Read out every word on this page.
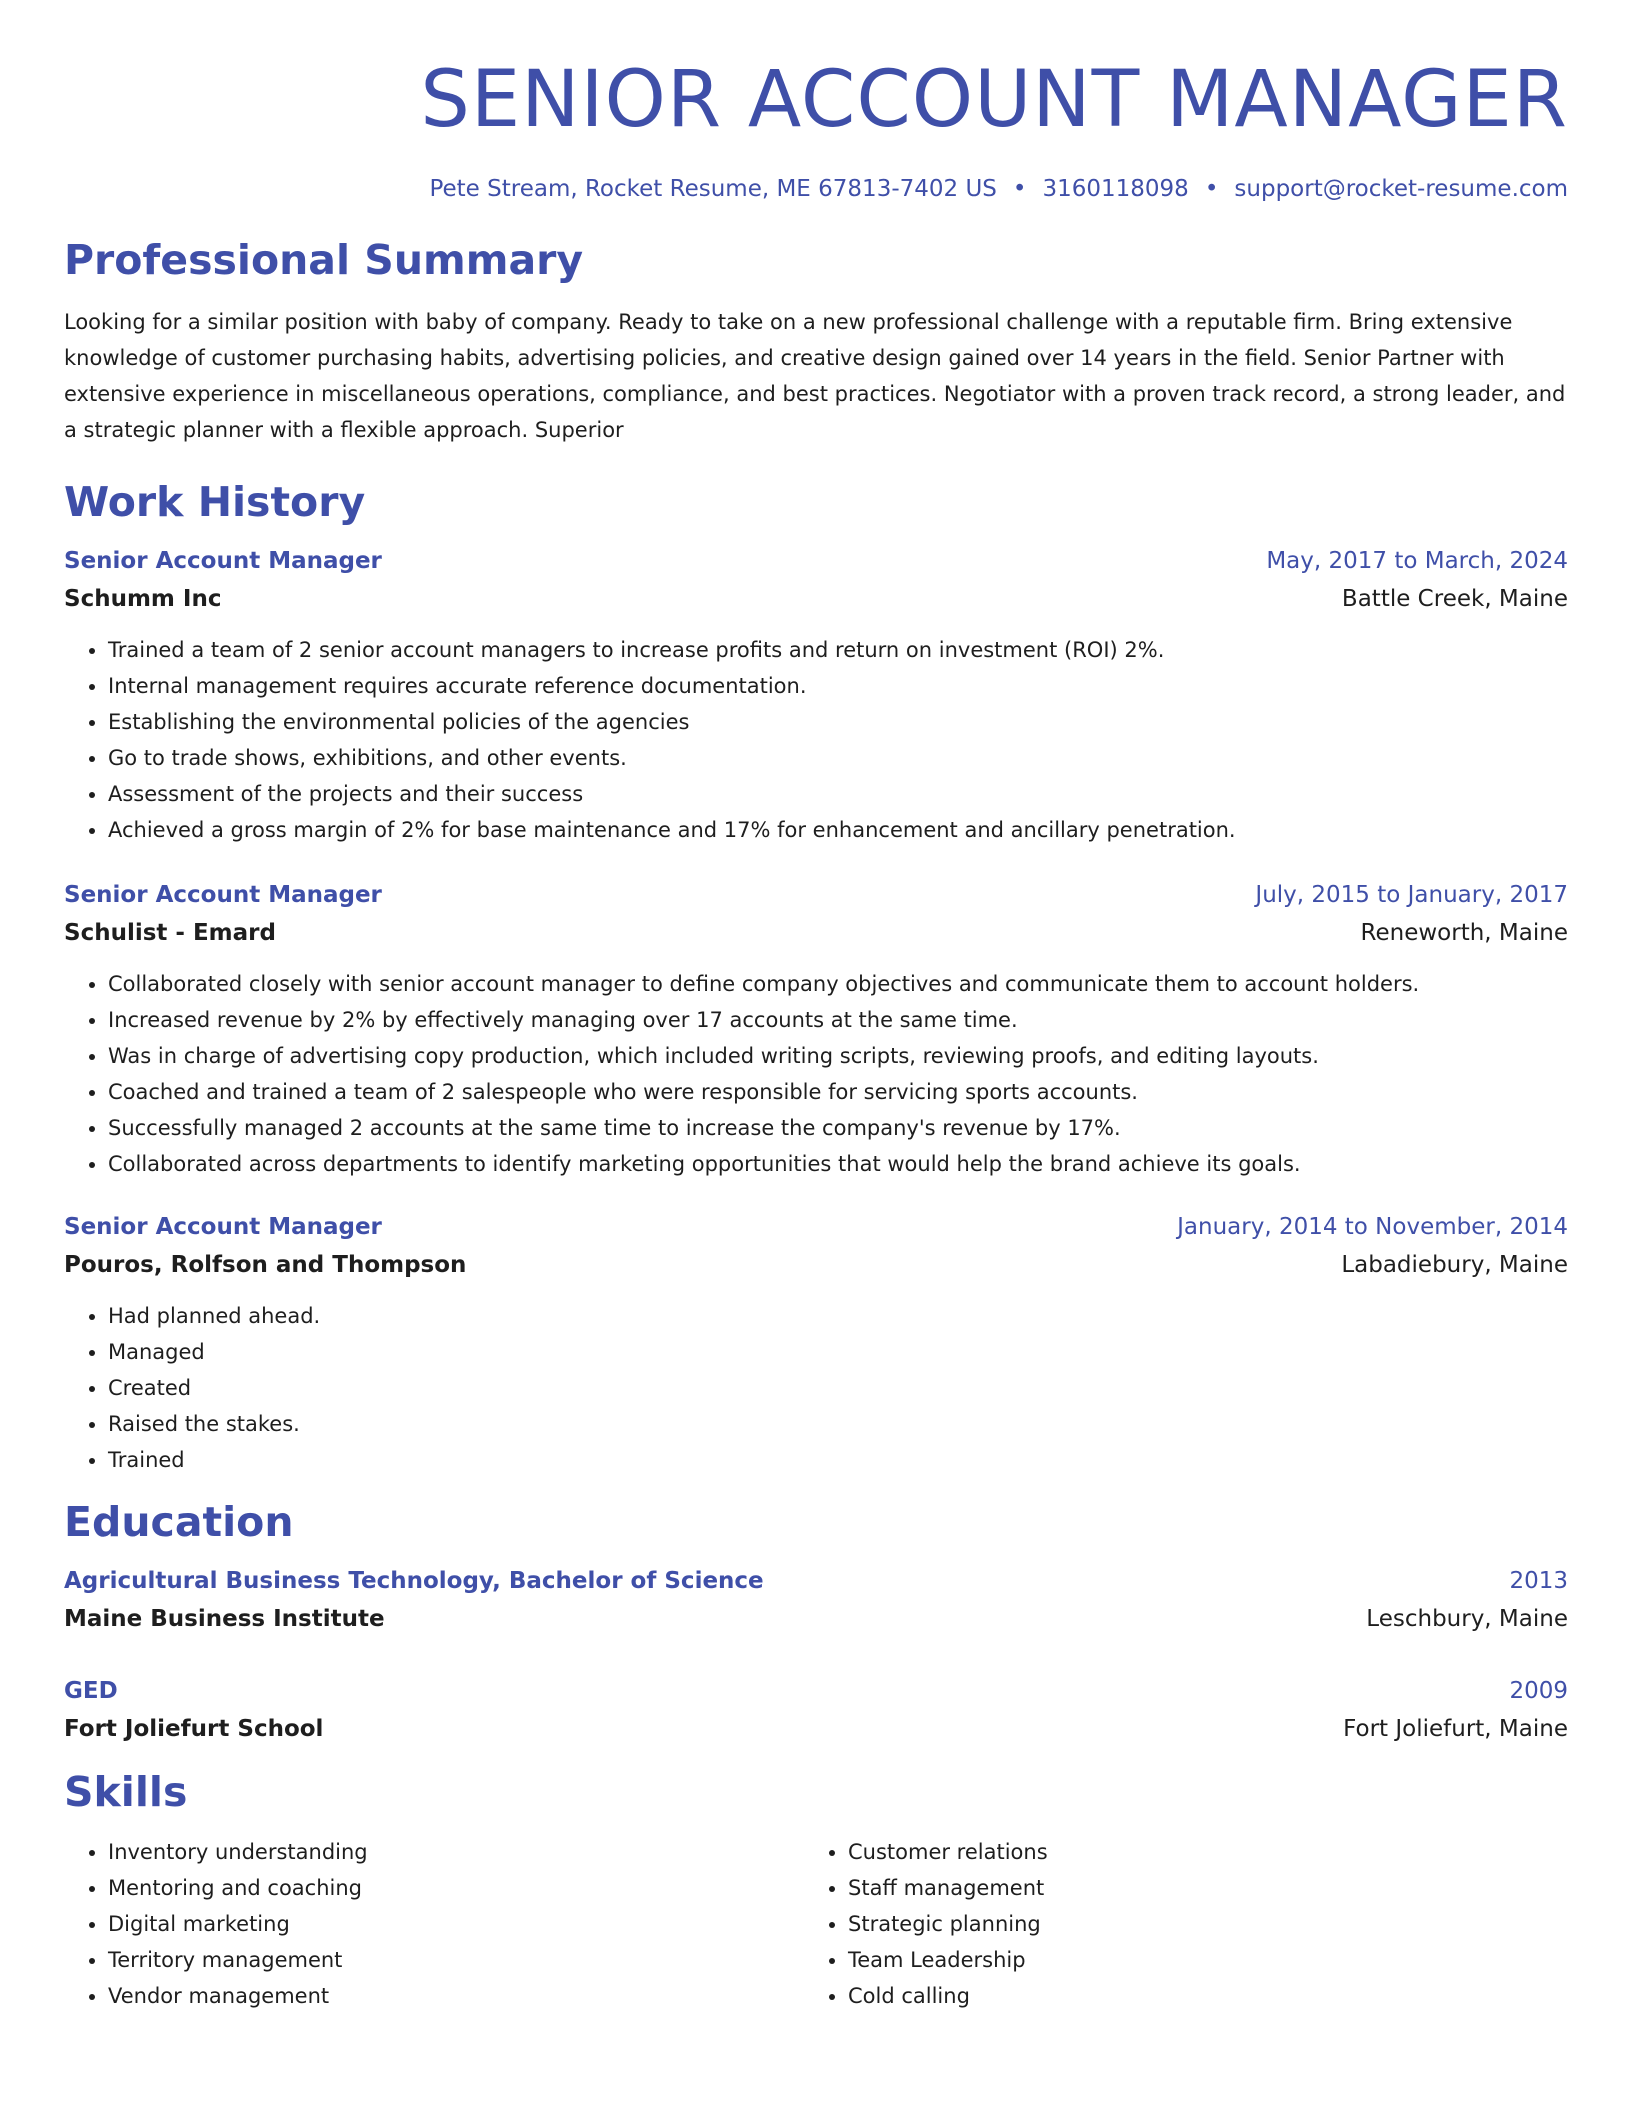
SENIOR ACCOUNT MANAGER
Pete Stream, Rocket Resume, ME 67813-7402 US • 3160118098 • support@rocket-resume.com
Professional Summary
Looking for a similar position with baby of company. Ready to take on a new professional challenge with a reputable firm. Bring extensive knowledge of customer purchasing habits, advertising policies, and creative design gained over 14 years in the field. Senior Partner with extensive experience in miscellaneous operations, compliance, and best practices. Negotiator with a proven track record, a strong leader, and a strategic planner with a flexible approach. Superior
Work History
Senior Account Manager	May, 2017 to March, 2024
Schumm Inc	Battle Creek, Maine
• Trained a team of 2 senior account managers to increase profits and return on investment (ROI) 2%.
• Internal management requires accurate reference documentation.
• Establishing the environmental policies of the agencies
• Go to trade shows, exhibitions, and other events.
• Assessment of the projects and their success
• Achieved a gross margin of 2% for base maintenance and 17% for enhancement and ancillary penetration.
Senior Account Manager	July, 2015 to January, 2017
Schulist - Emard	Reneworth, Maine
• Collaborated closely with senior account manager to define company objectives and communicate them to account holders.
• Increased revenue by 2% by effectively managing over 17 accounts at the same time.
• Was in charge of advertising copy production, which included writing scripts, reviewing proofs, and editing layouts.
• Coached and trained a team of 2 salespeople who were responsible for servicing sports accounts.
• Successfully managed 2 accounts at the same time to increase the company's revenue by 17%.
• Collaborated across departments to identify marketing opportunities that would help the brand achieve its goals.
Senior Account Manager	January, 2014 to November, 2014
Pouros, Rolfson and Thompson	Labadiebury, Maine
• Had planned ahead.
• Managed
• Created
• Raised the stakes.
• Trained
Education
Agricultural Business Technology, Bachelor of Science	2013
Maine Business Institute	Leschbury, Maine
GED	2009
Fort Joliefurt School	Fort Joliefurt, Maine
Skills
• Inventory understanding
• Mentoring and coaching
• Digital marketing
• Territory management
• Vendor management
• Customer relations
• Staff management
• Strategic planning
• Team Leadership
• Cold calling
